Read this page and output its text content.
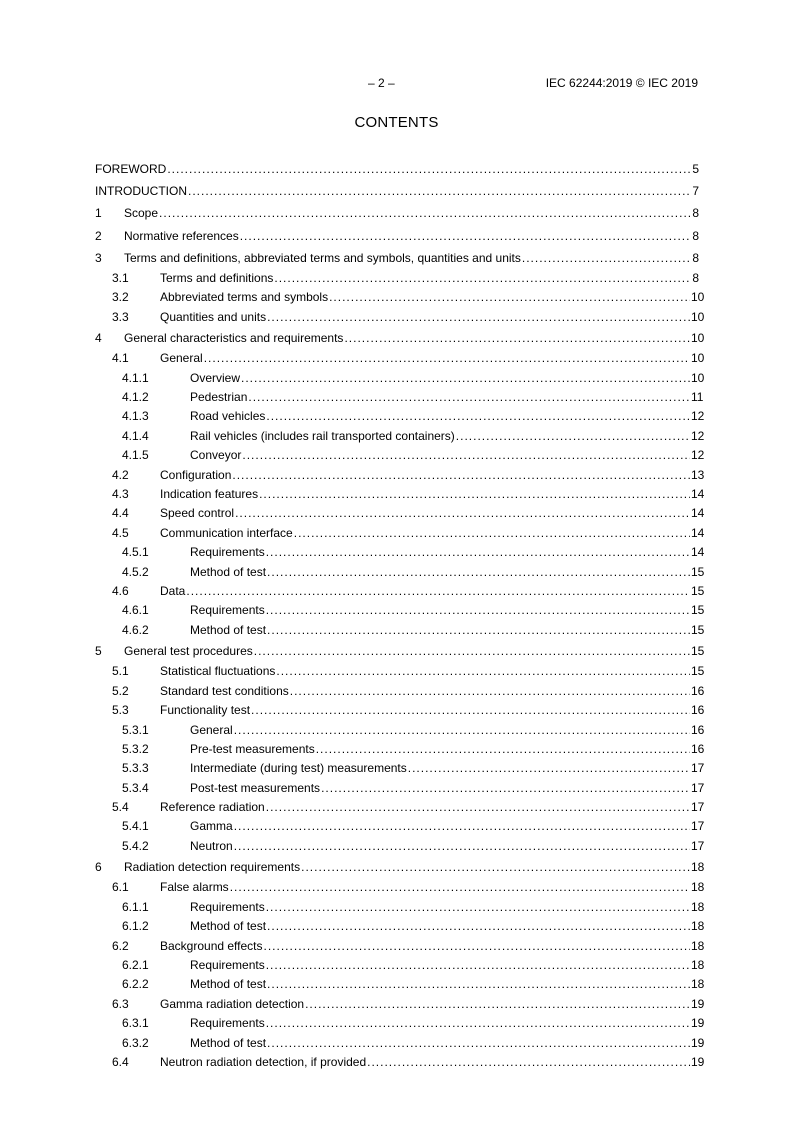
– 2 –	IEC 62244:2019 © IEC 2019
CONTENTS
FOREWORD .....	5
INTRODUCTION .....	7
1 Scope .....	8
2 Normative references .....	8
3 Terms and definitions, abbreviated terms and symbols, quantities and units .....	8
3.1	Terms and definitions .....	8
3.2	Abbreviated terms and symbols .....	10
3.3	Quantities and units .....	10
4 General characteristics and requirements .....	10
4.1	General .....	10
4.1.1	Overview .....	10
4.1.2	Pedestrian .....	11
4.1.3	Road vehicles .....	12
4.1.4	Rail vehicles (includes rail transported containers) .....	12
4.1.5	Conveyor .....	12
4.2	Configuration .....	13
4.3	Indication features .....	14
4.4	Speed control .....	14
4.5	Communication interface .....	14
4.5.1	Requirements .....	14
4.5.2	Method of test .....	15
4.6	Data .....	15
4.6.1	Requirements .....	15
4.6.2	Method of test .....	15
5 General test procedures .....	15
5.1	Statistical fluctuations .....	15
5.2	Standard test conditions .....	16
5.3	Functionality test .....	16
5.3.1	General .....	16
5.3.2	Pre-test measurements .....	16
5.3.3	Intermediate (during test) measurements .....	17
5.3.4	Post-test measurements .....	17
5.4	Reference radiation .....	17
5.4.1	Gamma .....	17
5.4.2	Neutron .....	17
6 Radiation detection requirements .....	18
6.1	False alarms .....	18
6.1.1	Requirements .....	18
6.1.2	Method of test .....	18
6.2	Background effects .....	18
6.2.1	Requirements .....	18
6.2.2	Method of test .....	18
6.3	Gamma radiation detection .....	19
6.3.1	Requirements .....	19
6.3.2	Method of test .....	19
6.4	Neutron radiation detection, if provided .....	19
